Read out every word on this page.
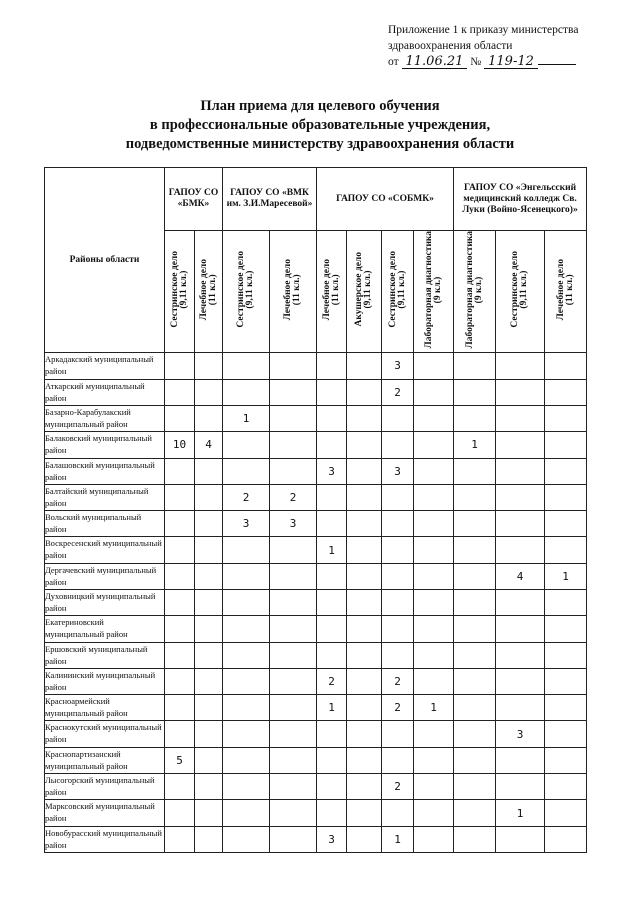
Приложение 1 к приказу министерства
здравоохранения области
от 11.06.21 № 119-12
План приема для целевого обучения
в профессиональные образовательные учреждения,
подведомственные министерству здравоохранения области
Районы области	ГАПОУ СО «БМК»		ГАПОУ СО «ВМК им. З.И.Маресевой»		ГАПОУ СО «СОБМК»				ГАПОУ СО «Энгельсский медицинский колледж Св. Луки (Войно-Ясенецкого)»		
	Сестринское дело
(9,11 кл.)	Лечебное дело
(11 кл.)	Сестринское дело
(9,11 кл.)	Лечебное дело
(11 кл.)	Лечебное дело
(11 кл.)	Акушерское дело
(9,11 кл.)	Сестринское дело
(9,11 кл.)	Лабораторная диагностика
(9 кл.)	Лабораторная диагностика
(9 кл.)	Сестринское дело
(9,11 кл.)	Лечебное дело
(11 кл.)
Аркадакский муниципальный район							3				
Аткарский муниципальный район							2				
Базарно-Карабулакский муниципальный район			1								
Балаковский муниципальный район	10	4							1		
Балашовский муниципальный район					3		3				
Балтайский муниципальный район			2	2							
Вольский муниципальный район			3	3							
Воскресенский муниципальный район					1						
Дергачевский муниципальный район										4	1
Духовницкий муниципальный район											
Екатериновский муниципальный район											
Ершовский муниципальный район											
Калининский муниципальный район					2		2				
Красноармейский муниципальный район					1		2	1			
Краснокутский муниципальный район										3	
Краснопартизанский муниципальный район	5										
Лысогорский муниципальный район							2				
Марксовский муниципальный район										1	
Новобурасский муниципальный район					3		1				
